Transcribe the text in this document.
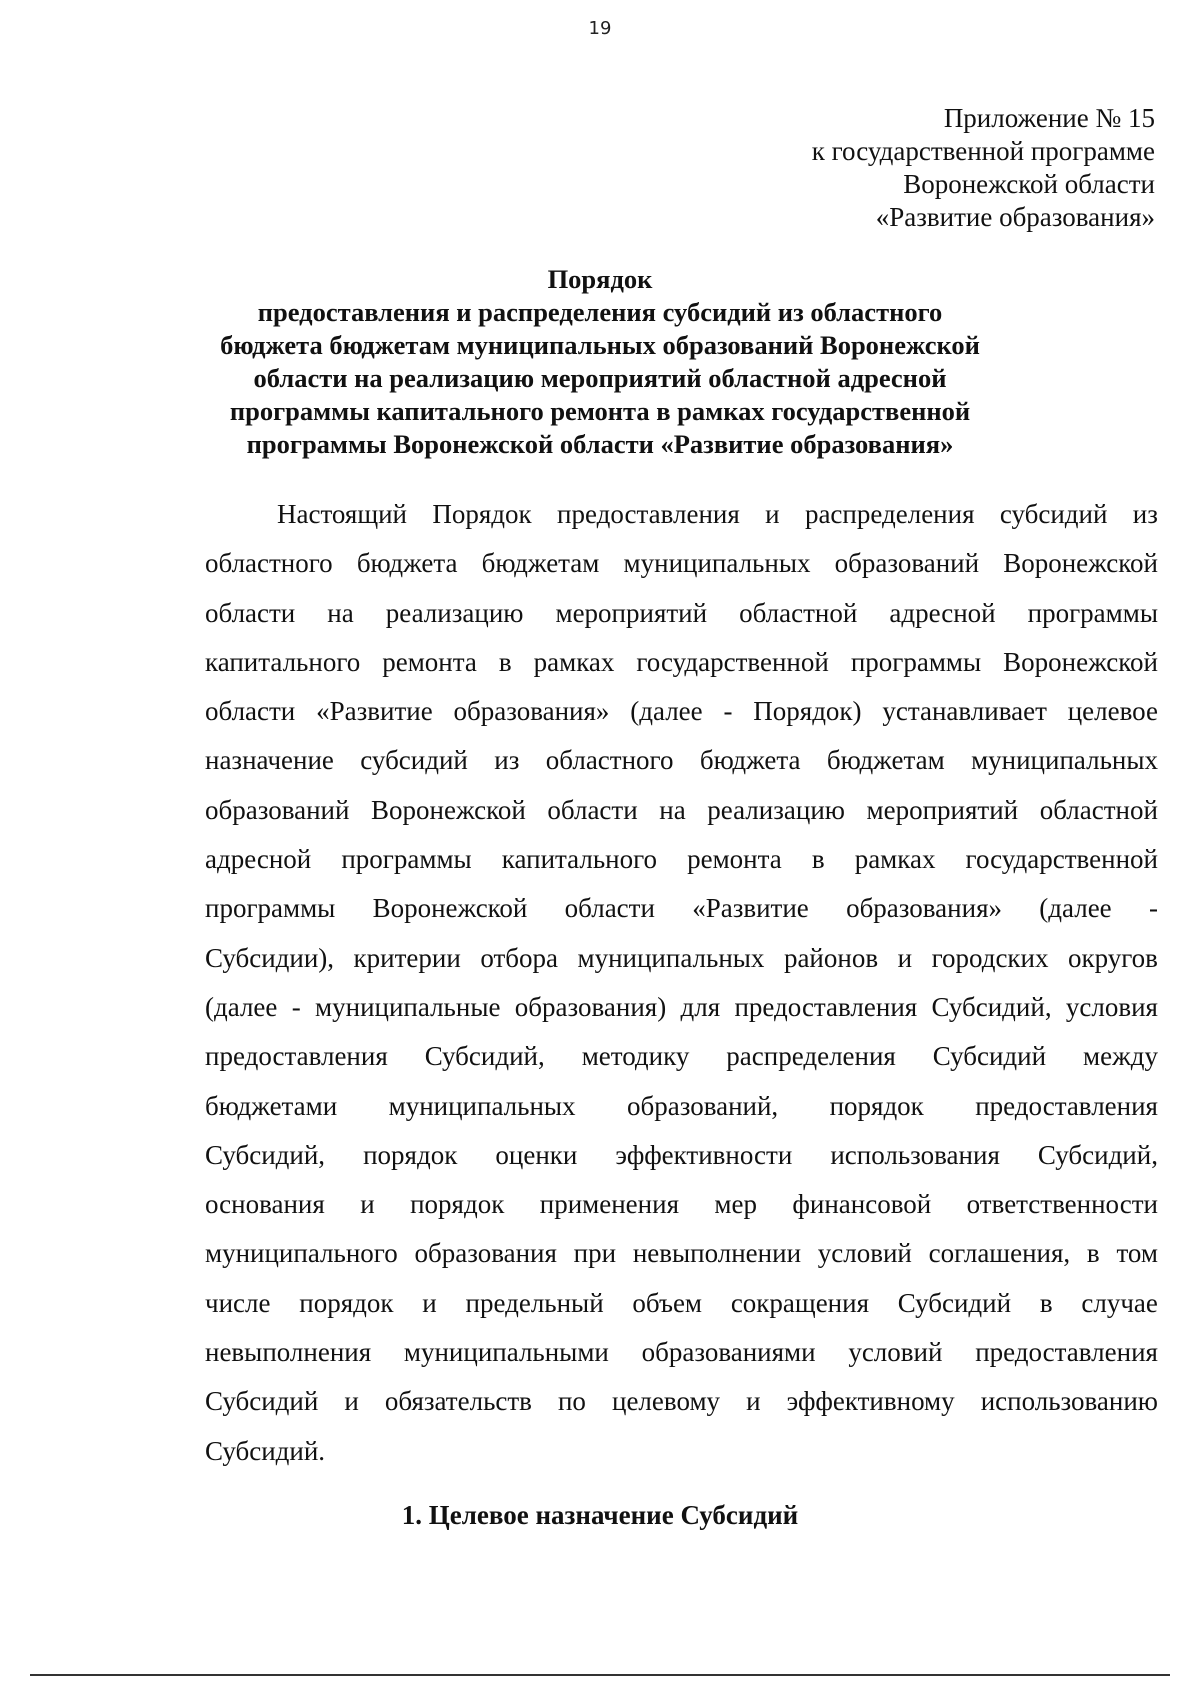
19
Приложение № 15
к государственной программе
Воронежской области
«Развитие образования»
Порядок
предоставления и распределения субсидий из областного
бюджета бюджетам муниципальных образований Воронежской
области на реализацию мероприятий областной адресной
программы капитального ремонта в рамках государственной
программы Воронежской области «Развитие образования»
Настоящий Порядок предоставления и распределения субсидий из
областного бюджета бюджетам муниципальных образований Воронежской
области на реализацию мероприятий областной адресной программы
капитального ремонта в рамках государственной программы Воронежской
области «Развитие образования» (далее - Порядок) устанавливает целевое
назначение субсидий из областного бюджета бюджетам муниципальных
образований Воронежской области на реализацию мероприятий областной
адресной программы капитального ремонта в рамках государственной
программы Воронежской области «Развитие образования» (далее -
Субсидии), критерии отбора муниципальных районов и городских округов
(далее - муниципальные образования) для предоставления Субсидий, условия
предоставления Субсидий, методику распределения Субсидий между
бюджетами муниципальных образований, порядок предоставления
Субсидий, порядок оценки эффективности использования Субсидий,
основания и порядок применения мер финансовой ответственности
муниципального образования при невыполнении условий соглашения, в том
числе порядок и предельный объем сокращения Субсидий в случае
невыполнения муниципальными образованиями условий предоставления
Субсидий и обязательств по целевому и эффективному использованию
Субсидий.
1. Целевое назначение Субсидий
